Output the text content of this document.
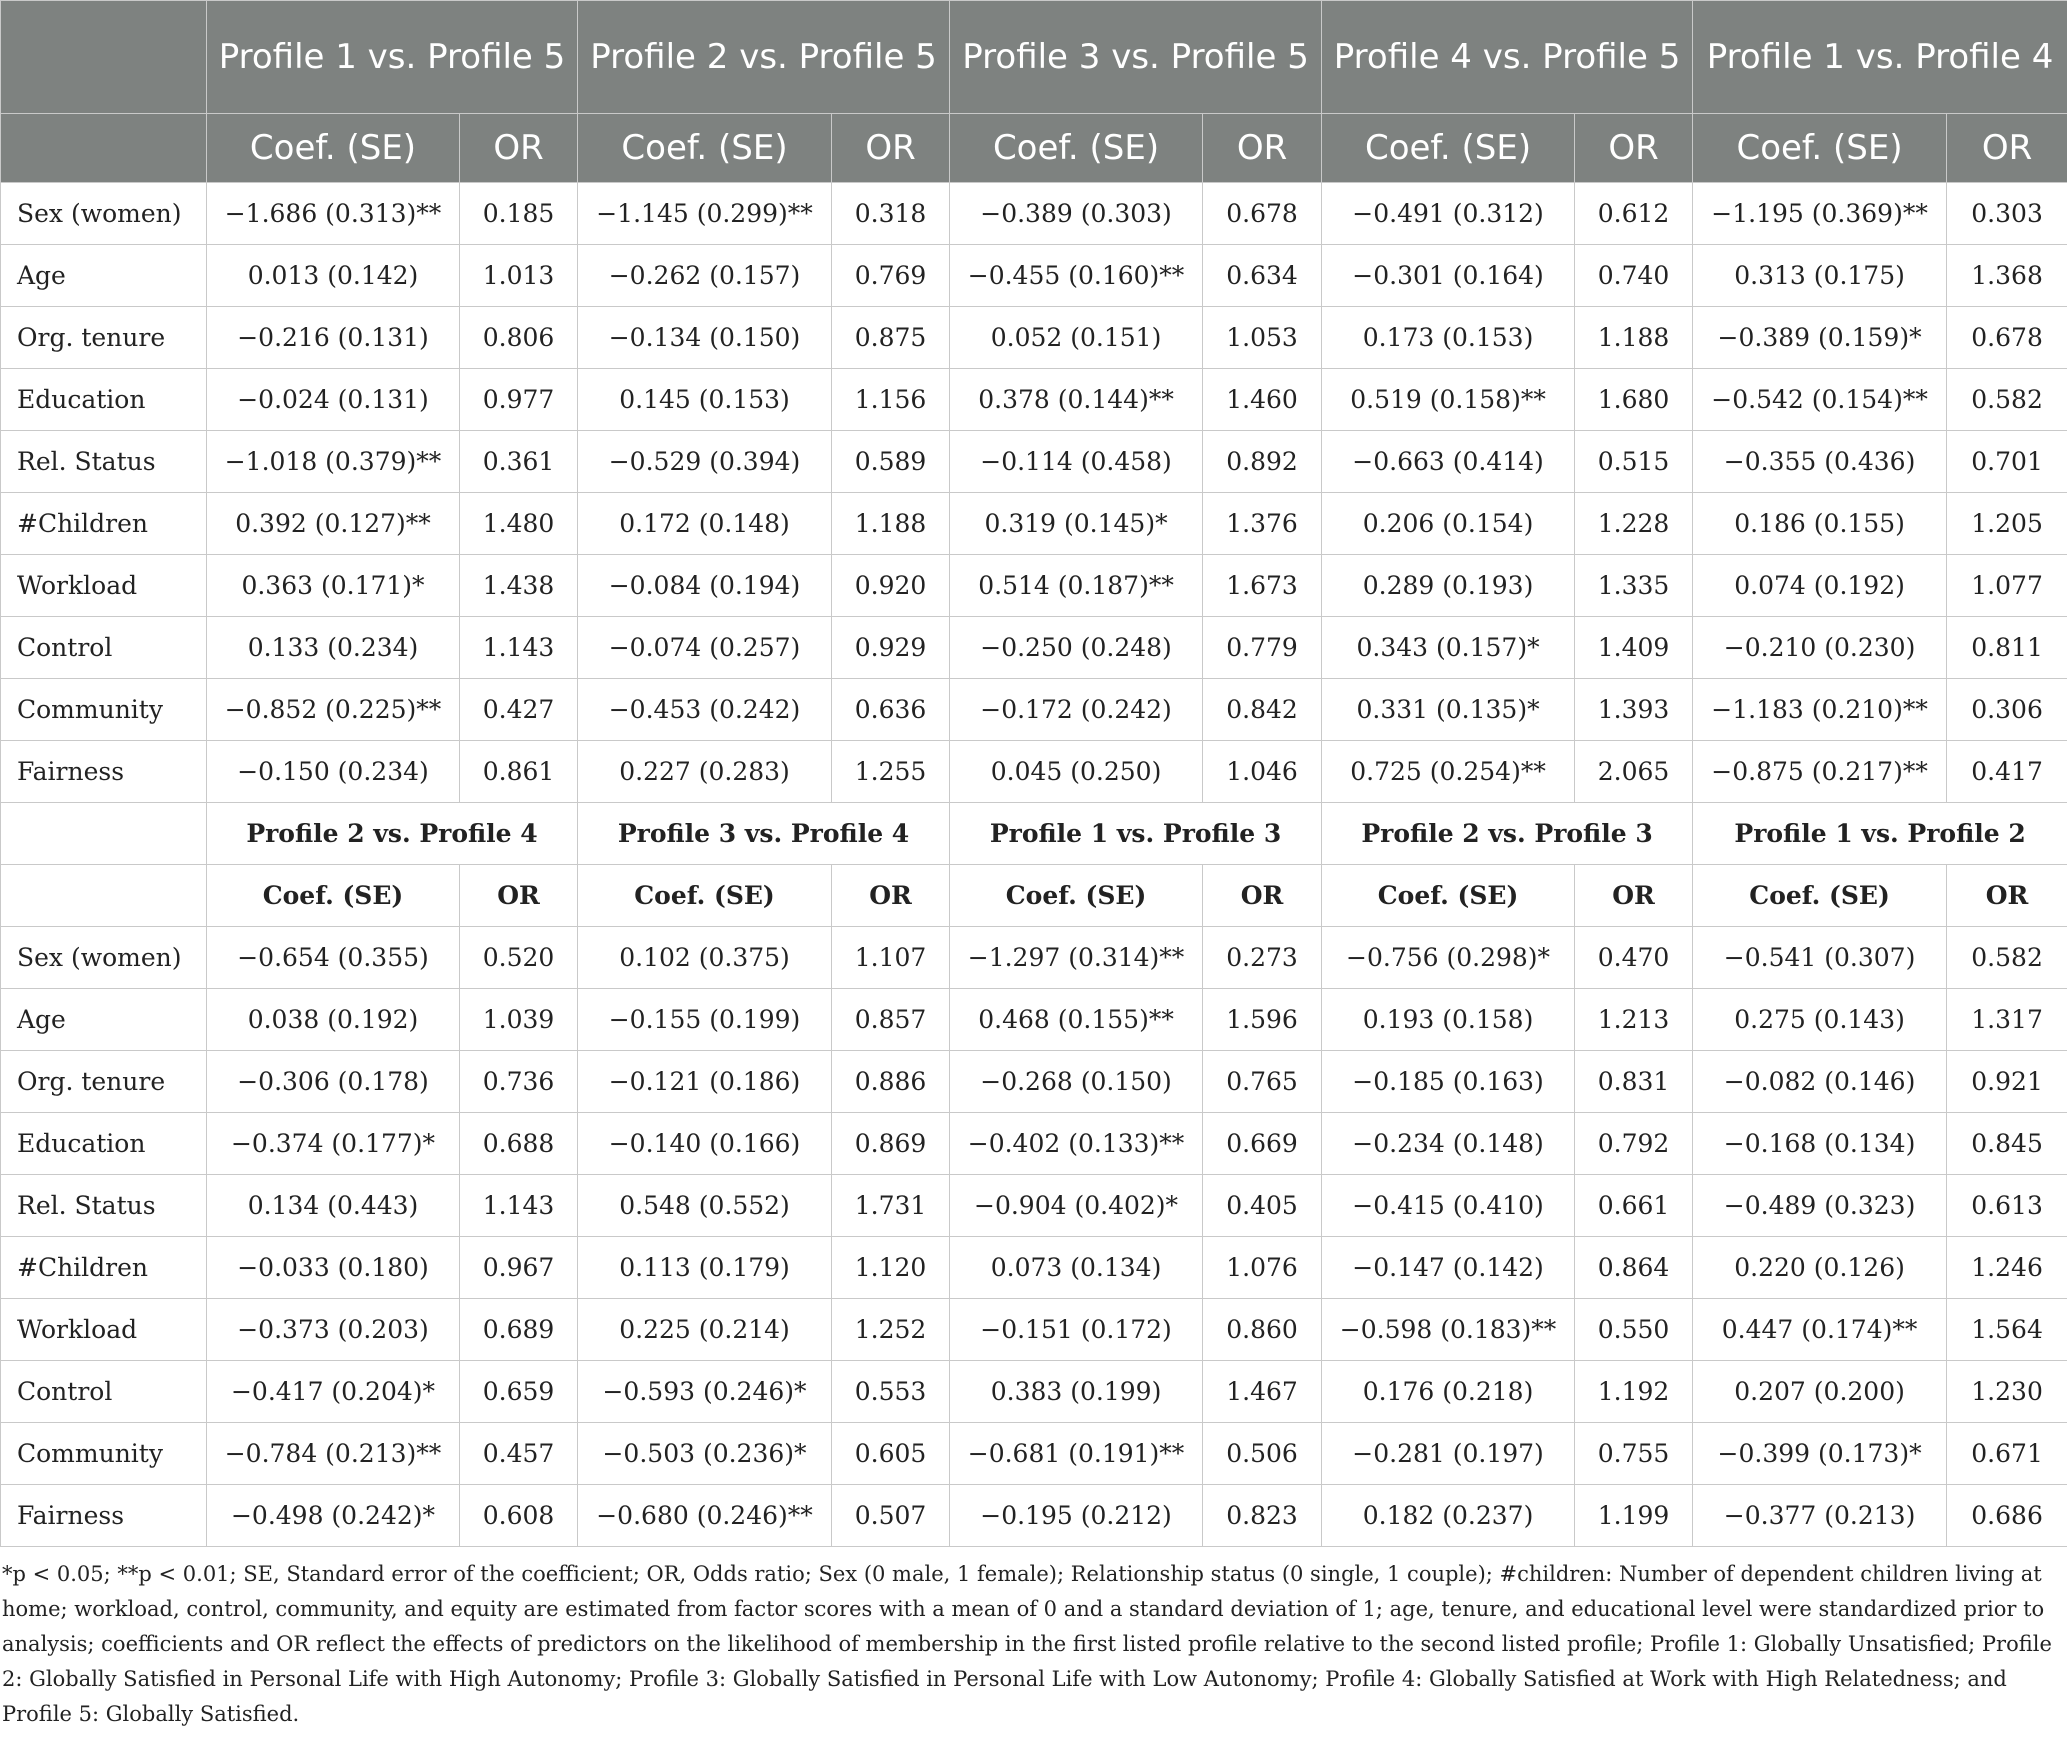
	Profile 1 vs. Profile 5		Profile 2 vs. Profile 5		Profile 3 vs. Profile 5		Profile 4 vs. Profile 5		Profile 1 vs. Profile 4	
	Coef. (SE)	OR	Coef. (SE)	OR	Coef. (SE)	OR	Coef. (SE)	OR	Coef. (SE)	OR
Sex (women)	−1.686 (0.313)**	0.185	−1.145 (0.299)**	0.318	−0.389 (0.303)	0.678	−0.491 (0.312)	0.612	−1.195 (0.369)**	0.303
Age	0.013 (0.142)	1.013	−0.262 (0.157)	0.769	−0.455 (0.160)**	0.634	−0.301 (0.164)	0.740	0.313 (0.175)	1.368
Org. tenure	−0.216 (0.131)	0.806	−0.134 (0.150)	0.875	0.052 (0.151)	1.053	0.173 (0.153)	1.188	−0.389 (0.159)*	0.678
Education	−0.024 (0.131)	0.977	0.145 (0.153)	1.156	0.378 (0.144)**	1.460	0.519 (0.158)**	1.680	−0.542 (0.154)**	0.582
Rel. Status	−1.018 (0.379)**	0.361	−0.529 (0.394)	0.589	−0.114 (0.458)	0.892	−0.663 (0.414)	0.515	−0.355 (0.436)	0.701
#Children	0.392 (0.127)**	1.480	0.172 (0.148)	1.188	0.319 (0.145)*	1.376	0.206 (0.154)	1.228	0.186 (0.155)	1.205
Workload	0.363 (0.171)*	1.438	−0.084 (0.194)	0.920	0.514 (0.187)**	1.673	0.289 (0.193)	1.335	0.074 (0.192)	1.077
Control	0.133 (0.234)	1.143	−0.074 (0.257)	0.929	−0.250 (0.248)	0.779	0.343 (0.157)*	1.409	−0.210 (0.230)	0.811
Community	−0.852 (0.225)**	0.427	−0.453 (0.242)	0.636	−0.172 (0.242)	0.842	0.331 (0.135)*	1.393	−1.183 (0.210)**	0.306
Fairness	−0.150 (0.234)	0.861	0.227 (0.283)	1.255	0.045 (0.250)	1.046	0.725 (0.254)**	2.065	−0.875 (0.217)**	0.417
	Profile 2 vs. Profile 4		Profile 3 vs. Profile 4		Profile 1 vs. Profile 3		Profile 2 vs. Profile 3		Profile 1 vs. Profile 2	
	Coef. (SE)	OR	Coef. (SE)	OR	Coef. (SE)	OR	Coef. (SE)	OR	Coef. (SE)	OR
Sex (women)	−0.654 (0.355)	0.520	0.102 (0.375)	1.107	−1.297 (0.314)**	0.273	−0.756 (0.298)*	0.470	−0.541 (0.307)	0.582
Age	0.038 (0.192)	1.039	−0.155 (0.199)	0.857	0.468 (0.155)**	1.596	0.193 (0.158)	1.213	0.275 (0.143)	1.317
Org. tenure	−0.306 (0.178)	0.736	−0.121 (0.186)	0.886	−0.268 (0.150)	0.765	−0.185 (0.163)	0.831	−0.082 (0.146)	0.921
Education	−0.374 (0.177)*	0.688	−0.140 (0.166)	0.869	−0.402 (0.133)**	0.669	−0.234 (0.148)	0.792	−0.168 (0.134)	0.845
Rel. Status	0.134 (0.443)	1.143	0.548 (0.552)	1.731	−0.904 (0.402)*	0.405	−0.415 (0.410)	0.661	−0.489 (0.323)	0.613
#Children	−0.033 (0.180)	0.967	0.113 (0.179)	1.120	0.073 (0.134)	1.076	−0.147 (0.142)	0.864	0.220 (0.126)	1.246
Workload	−0.373 (0.203)	0.689	0.225 (0.214)	1.252	−0.151 (0.172)	0.860	−0.598 (0.183)**	0.550	0.447 (0.174)**	1.564
Control	−0.417 (0.204)*	0.659	−0.593 (0.246)*	0.553	0.383 (0.199)	1.467	0.176 (0.218)	1.192	0.207 (0.200)	1.230
Community	−0.784 (0.213)**	0.457	−0.503 (0.236)*	0.605	−0.681 (0.191)**	0.506	−0.281 (0.197)	0.755	−0.399 (0.173)*	0.671
Fairness	−0.498 (0.242)*	0.608	−0.680 (0.246)**	0.507	−0.195 (0.212)	0.823	0.182 (0.237)	1.199	−0.377 (0.213)	0.686
*p < 0.05; **p < 0.01; SE, Standard error of the coefficient; OR, Odds ratio; Sex (0 male, 1 female); Relationship status (0 single, 1 couple); #children: Number of dependent children living at home; workload, control, community, and equity are estimated from factor scores with a mean of 0 and a standard deviation of 1; age, tenure, and educational level were standardized prior to analysis; coefficients and OR reflect the effects of predictors on the likelihood of membership in the first listed profile relative to the second listed profile; Profile 1: Globally Unsatisfied; Profile 2: Globally Satisfied in Personal Life with High Autonomy; Profile 3: Globally Satisfied in Personal Life with Low Autonomy; Profile 4: Globally Satisfied at Work with High Relatedness; and Profile 5: Globally Satisfied.
